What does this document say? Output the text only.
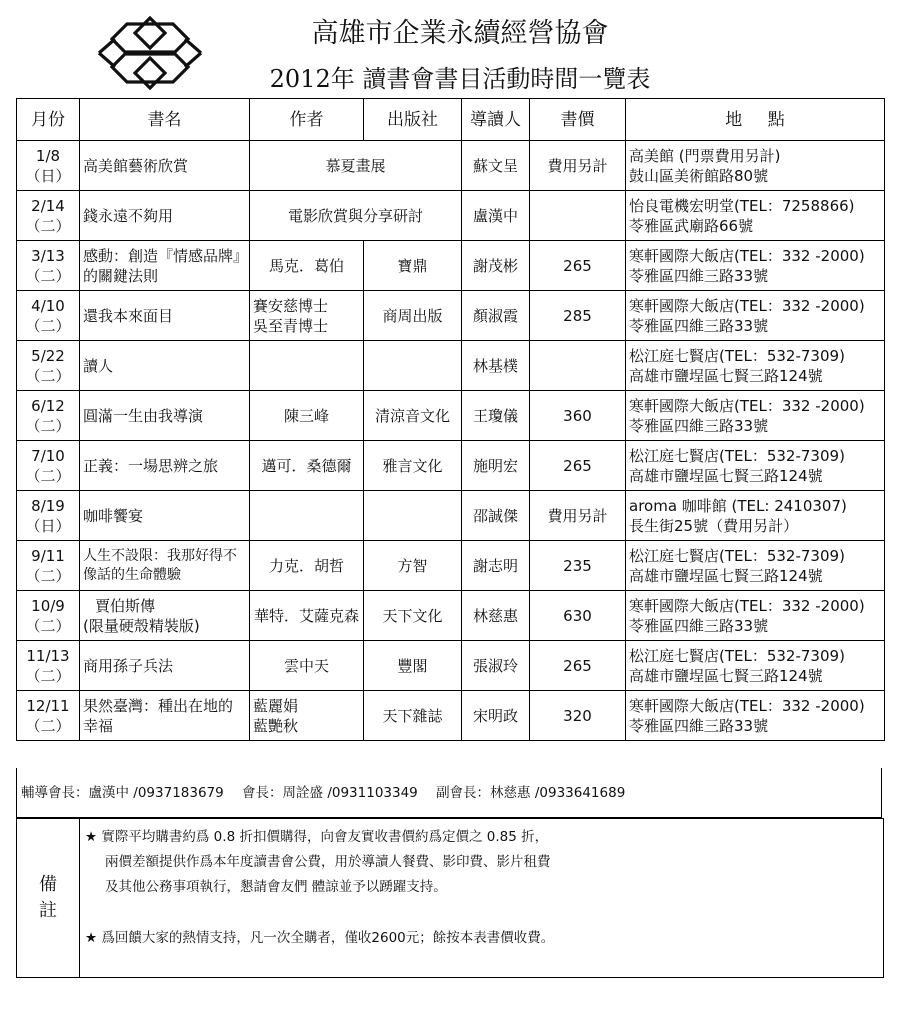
高雄市企業永續經營協會
2012年 讀書會書目活動時間一覽表
月份	書名	作者	出版社	導讀人	書價	地 點

1/8
（日）	高美館藝術欣賞	慕夏畫展		蘇文呈	費用另計	高美館 (門票費用另計)
鼓山區美術館路80號

2/14
（二）	錢永遠不夠用	電影欣賞與分享研討		盧漢中		怡良電機宏明堂(TEL：7258866)
苓雅區武廟路66號

3/13
（二）	感動：創造『情感品牌』的關鍵法則	馬克．葛伯	寶鼎	謝茂彬	265	寒軒國際大飯店(TEL：332 -2000)
苓雅區四維三路33號

4/10
（二）	還我本來面目	賽安慈博士
吳至青博士	商周出版	顏淑霞	285	寒軒國際大飯店(TEL：332 -2000)
苓雅區四維三路33號

5/22
（二）	讀人			林基樸		松江庭七賢店(TEL：532-7309)
高雄市鹽埕區七賢三路124號

6/12
（二）	圓滿一生由我導演	陳三峰	清涼音文化	王瓊儀	360	寒軒國際大飯店(TEL：332 -2000)
苓雅區四維三路33號

7/10
（二）	正義：一場思辨之旅	邁可．桑德爾	雅言文化	施明宏	265	松江庭七賢店(TEL：532-7309)
高雄市鹽埕區七賢三路124號

8/19
（日）	咖啡饗宴			邵誠傑	費用另計	aroma 咖啡館 (TEL: 2410307)
長生街25號（費用另計）

9/11
（二）	人生不設限：我那好得不像話的生命體驗	力克．胡哲	方智	謝志明	235	松江庭七賢店(TEL：532-7309)
高雄市鹽埕區七賢三路124號

10/9
（二）	賈伯斯傳
(限量硬殼精裝版)	華特．艾薩克森	天下文化	林慈惠	630	寒軒國際大飯店(TEL：332 -2000)
苓雅區四維三路33號

11/13
（二）	商用孫子兵法	雲中天	豐閣	張淑玲	265	松江庭七賢店(TEL：532-7309)
高雄市鹽埕區七賢三路124號

12/11
（二）	果然臺灣：種出在地的幸福	藍麗娟
藍艷秋	天下雜誌	宋明政	320	寒軒國際大飯店(TEL：332 -2000)
苓雅區四維三路33號
輔導會長：盧漢中 /0937183679 會長：周詮盛 /0931103349 副會長：林慈惠 /0933641689
備
註

★ 實際平均購書約爲 0.8 折扣價購得，向會友實收書價約爲定價之 0.85 折，

兩價差額提供作爲本年度讀書會公費，用於導讀人餐費、影印費、影片租費

及其他公務事項執行，懇請會友們 體諒並予以踴躍支持。

★ 爲回饋大家的熱情支持，凡一次全購者，僅收2600元；餘按本表書價收費。
